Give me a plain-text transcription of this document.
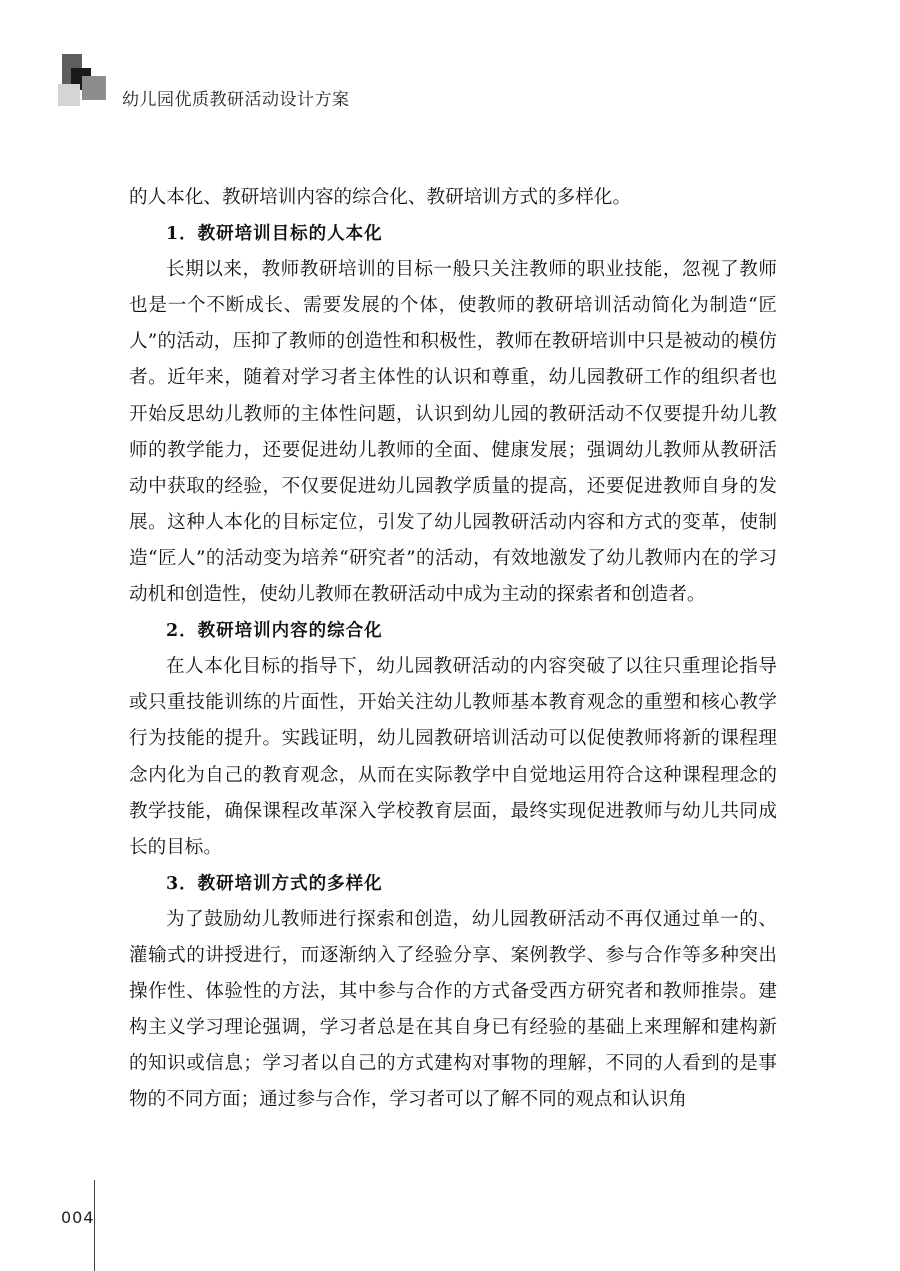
幼儿园优质教研活动设计方案

的人本化、教研培训内容的综合化、教研培训方式的多样化。

1．教研培训目标的人本化

长期以来，教师教研培训的目标一般只关注教师的职业技能，忽视了教师也是一个不断成长、需要发展的个体，使教师的教研培训活动简化为制造“匠人”的活动，压抑了教师的创造性和积极性，教师在教研培训中只是被动的模仿者。近年来，随着对学习者主体性的认识和尊重，幼儿园教研工作的组织者也开始反思幼儿教师的主体性问题，认识到幼儿园的教研活动不仅要提升幼儿教师的教学能力，还要促进幼儿教师的全面、健康发展；强调幼儿教师从教研活动中获取的经验，不仅要促进幼儿园教学质量的提高，还要促进教师自身的发展。这种人本化的目标定位，引发了幼儿园教研活动内容和方式的变革，使制造“匠人”的活动变为培养“研究者”的活动，有效地激发了幼儿教师内在的学习动机和创造性，使幼儿教师在教研活动中成为主动的探索者和创造者。

2．教研培训内容的综合化

在人本化目标的指导下，幼儿园教研活动的内容突破了以往只重理论指导或只重技能训练的片面性，开始关注幼儿教师基本教育观念的重塑和核心教学行为技能的提升。实践证明，幼儿园教研培训活动可以促使教师将新的课程理念内化为自己的教育观念，从而在实际教学中自觉地运用符合这种课程理念的教学技能，确保课程改革深入学校教育层面，最终实现促进教师与幼儿共同成长的目标。

3．教研培训方式的多样化

为了鼓励幼儿教师进行探索和创造，幼儿园教研活动不再仅通过单一的、灌输式的讲授进行，而逐渐纳入了经验分享、案例教学、参与合作等多种突出操作性、体验性的方法，其中参与合作的方式备受西方研究者和教师推崇。建构主义学习理论强调，学习者总是在其自身已有经验的基础上来理解和建构新的知识或信息；学习者以自己的方式建构对事物的理解，不同的人看到的是事物的不同方面；通过参与合作，学习者可以了解不同的观点和认识角

004
